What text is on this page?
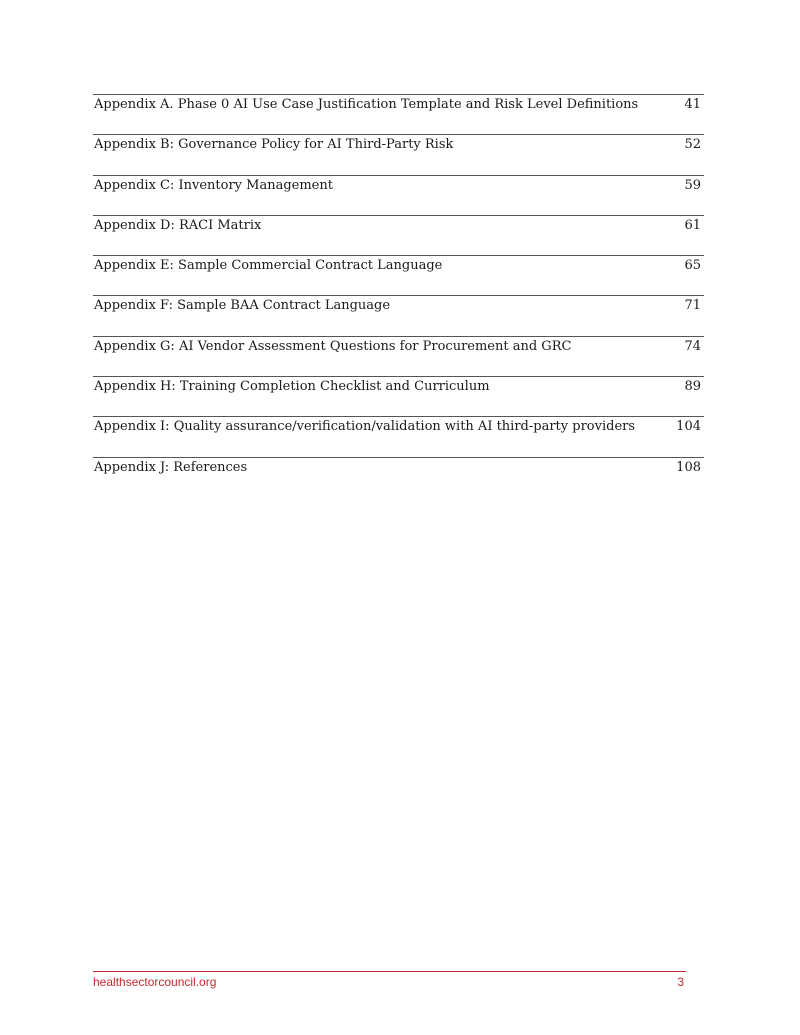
Appendix A. Phase 0 AI Use Case Justification Template and Risk Level Definitions	41
Appendix B: Governance Policy for AI Third-Party Risk	52
Appendix C: Inventory Management	59
Appendix D: RACI Matrix	61
Appendix E: Sample Commercial Contract Language	65
Appendix F: Sample BAA Contract Language	71
Appendix G: AI Vendor Assessment Questions for Procurement and GRC	74
Appendix H: Training Completion Checklist and Curriculum	89
Appendix I: Quality assurance/verification/validation with AI third-party providers	104
Appendix J: References	108
healthsectorcouncil.org	3
